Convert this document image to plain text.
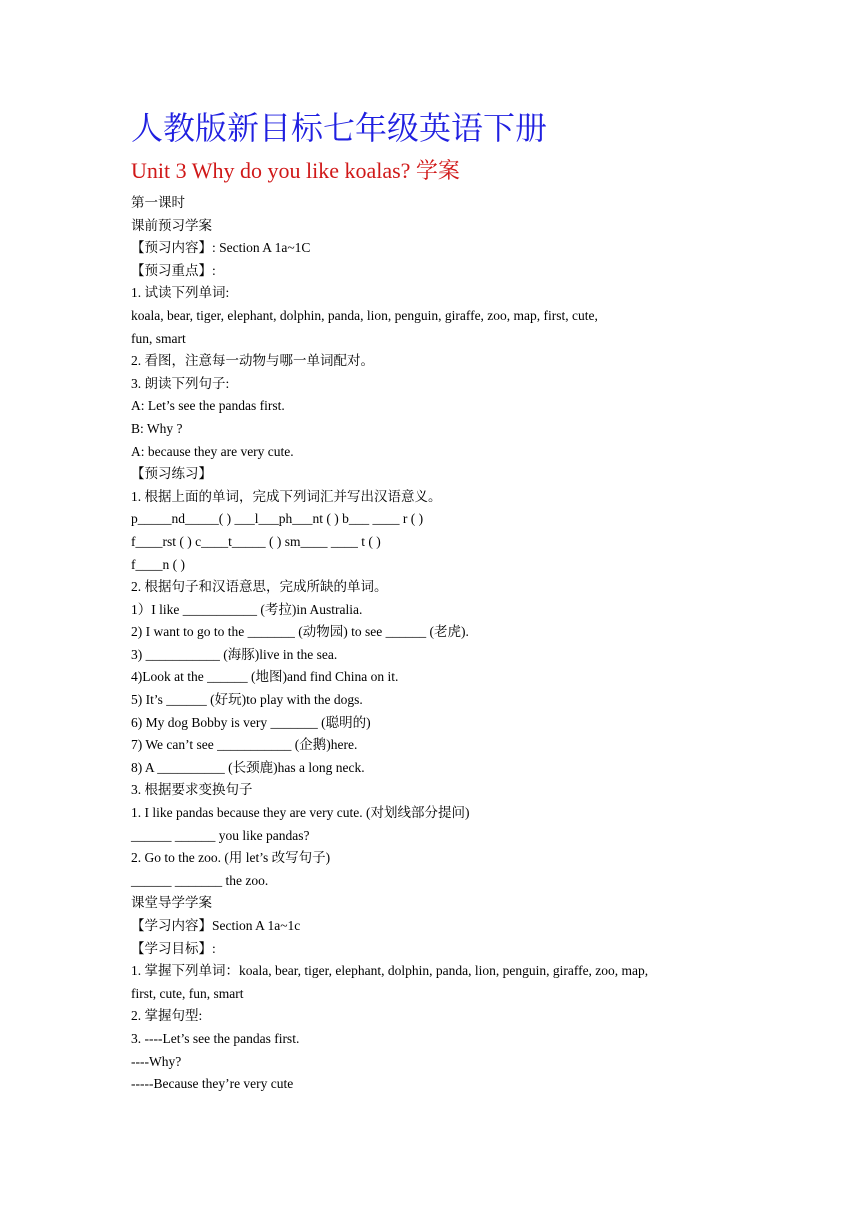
人教版新目标七年级英语下册
Unit 3 Why do you like koalas? 学案
第一课时
课前预习学案
【预习内容】: Section A 1a~1C
【预习重点】:
1. 试读下列单词:
koala, bear, tiger, elephant, dolphin, panda, lion, penguin, giraffe, zoo, map, first, cute,
fun, smart
2. 看图，注意每一动物与哪一单词配对。
3. 朗读下列句子:
A: Let’s see the pandas first.
B: Why ?
A: because they are very cute.
【预习练习】
1. 根据上面的单词，完成下列词汇并写出汉语意义。
p_____nd_____( ) ___l___ph___nt ( ) b___ ____ r ( )
f____rst ( ) c____t_____ ( ) sm____ ____ t ( )
f____n ( )
2. 根据句子和汉语意思，完成所缺的单词。
1）I like ___________ (考拉)in Australia.
2) I want to go to the _______ (动物园) to see ______ (老虎).
3) ___________ (海豚)live in the sea.
4)Look at the ______ (地图)and find China on it.
5) It’s ______ (好玩)to play with the dogs.
6) My dog Bobby is very _______ (聪明的)
7) We can’t see ___________ (企鹅)here.
8) A __________ (长颈鹿)has a long neck.
3. 根据要求变换句子
1. I like pandas because they are very cute. (对划线部分提问)
______ ______ you like pandas?
2. Go to the zoo. (用 let’s 改写句子)
______ _______ the zoo.
课堂导学学案
【学习内容】Section A 1a~1c
【学习目标】:
1. 掌握下列单词：koala, bear, tiger, elephant, dolphin, panda, lion, penguin, giraffe, zoo, map,
first, cute, fun, smart
2. 掌握句型:
3. ----Let’s see the pandas first.
----Why?
-----Because they’re very cute
